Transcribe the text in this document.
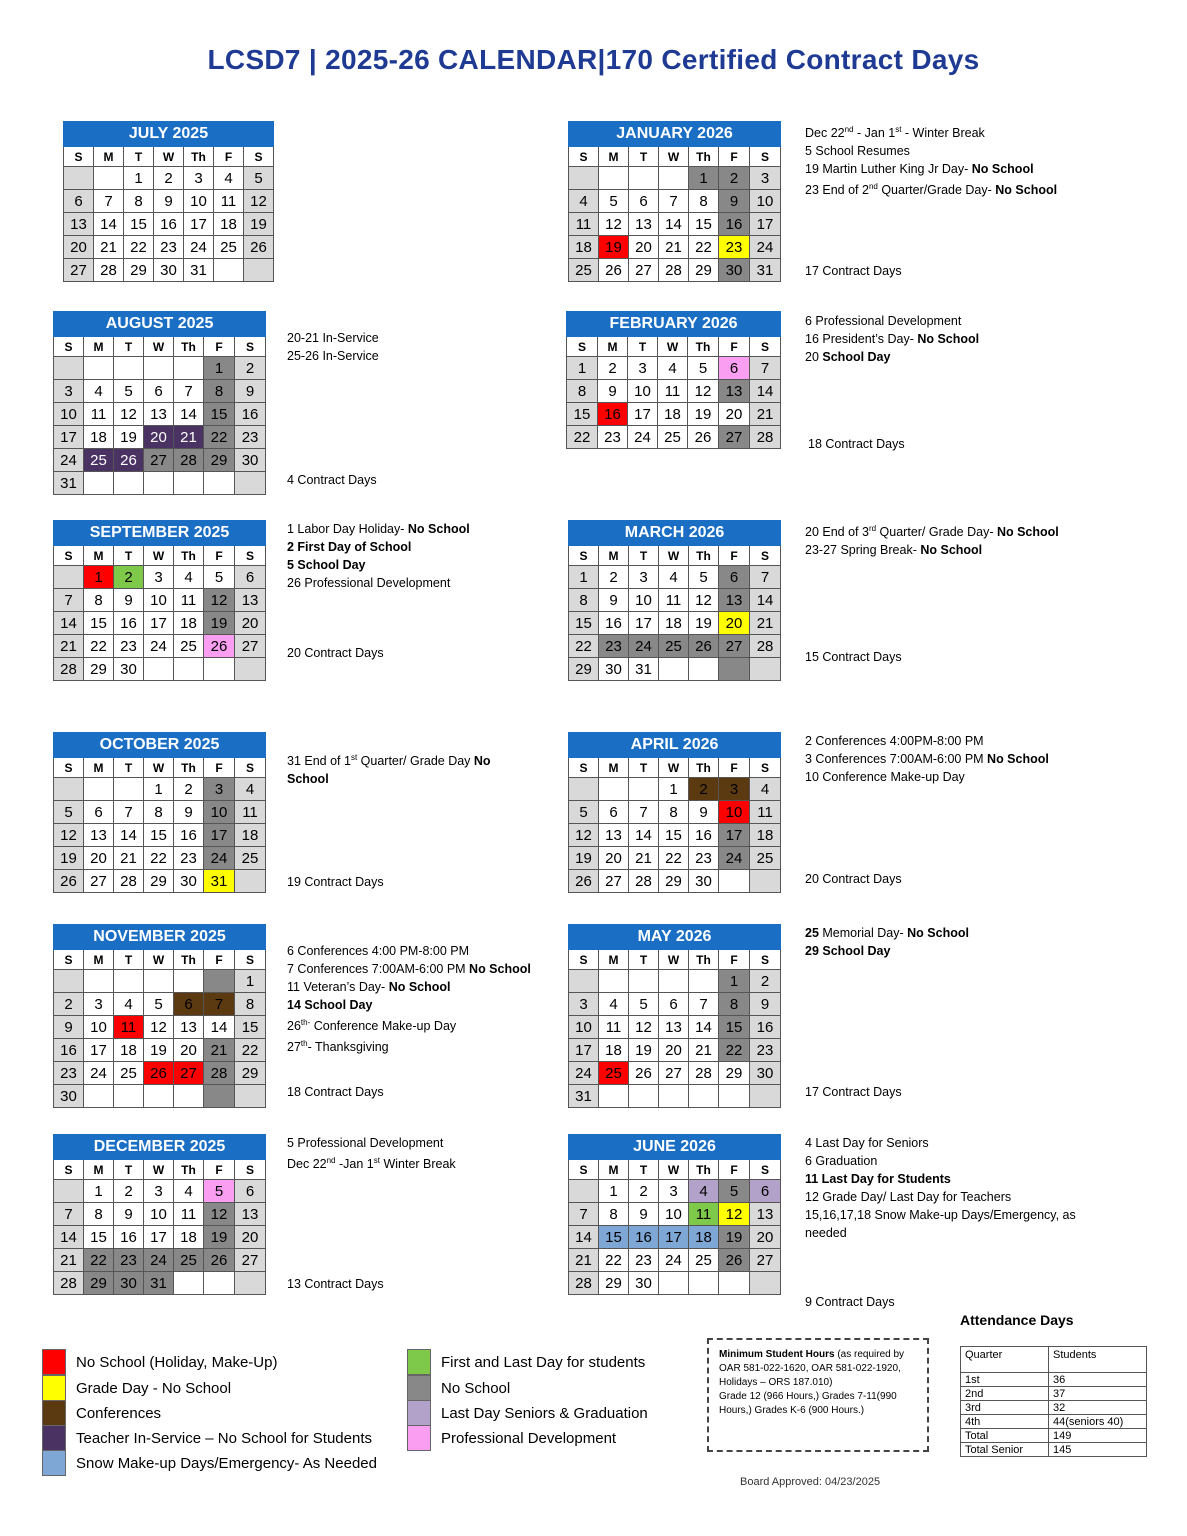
LCSD7 | 2025-26 CALENDAR|170 Certified Contract Days
JULY 2025						
S	M	T	W	Th	F	S
		1	2	3	4	5
6	7	8	9	10	11	12
13	14	15	16	17	18	19
20	21	22	23	24	25	26
27	28	29	30	31		
AUGUST 2025						
S	M	T	W	Th	F	S
					1	2
3	4	5	6	7	8	9
10	11	12	13	14	15	16
17	18	19	20	21	22	23
24	25	26	27	28	29	30
31						
20-21 In-Service
25-26 In-Service
4 Contract Days
SEPTEMBER 2025						
S	M	T	W	Th	F	S
	1	2	3	4	5	6
7	8	9	10	11	12	13
14	15	16	17	18	19	20
21	22	23	24	25	26	27
28	29	30				
1 Labor Day Holiday- No School
2 First Day of School
5 School Day
26 Professional Development
20 Contract Days
OCTOBER 2025						
S	M	T	W	Th	F	S
			1	2	3	4
5	6	7	8	9	10	11
12	13	14	15	16	17	18
19	20	21	22	23	24	25
26	27	28	29	30	31	
31 End of 1st Quarter/ Grade Day No
School
19 Contract Days
NOVEMBER 2025						
S	M	T	W	Th	F	S
						1
2	3	4	5	6	7	8
9	10	11	12	13	14	15
16	17	18	19	20	21	22
23	24	25	26	27	28	29
30						
6 Conferences 4:00 PM-8:00 PM
7 Conferences 7:00AM-6:00 PM No School
11 Veteran’s Day- No School
14 School Day
$26^{th-}$ Conference Make-up Day
27th- Thanksgiving
18 Contract Days
DECEMBER 2025						
S	M	T	W	Th	F	S
	1	2	3	4	5	6
7	8	9	10	11	12	13
14	15	16	17	18	19	20
21	22	23	24	25	26	27
28	29	30	31			
5 Professional Development
Dec 22nd -Jan 1st Winter Break
13 Contract Days
JANUARY 2026						
S	M	T	W	Th	F	S
				1	2	3
4	5	6	7	8	9	10
11	12	13	14	15	16	17
18	19	20	21	22	23	24
25	26	27	28	29	30	31
Dec 22nd - Jan 1st - Winter Break
5 School Resumes
19 Martin Luther King Jr Day- No School
23 End of 2nd Quarter/Grade Day- No School
17 Contract Days
FEBRUARY 2026						
S	M	T	W	Th	F	S
1	2	3	4	5	6	7
8	9	10	11	12	13	14
15	16	17	18	19	20	21
22	23	24	25	26	27	28
6 Professional Development
16 President’s Day- No School
20 School Day
18 Contract Days
MARCH 2026						
S	M	T	W	Th	F	S
1	2	3	4	5	6	7
8	9	10	11	12	13	14
15	16	17	18	19	20	21
22	23	24	25	26	27	28
29	30	31				
20 End of 3rd Quarter/ Grade Day- No School
23-27 Spring Break- No School
15 Contract Days
APRIL 2026						
S	M	T	W	Th	F	S
			1	2	3	4
5	6	7	8	9	10	11
12	13	14	15	16	17	18
19	20	21	22	23	24	25
26	27	28	29	30		
2 Conferences 4:00PM-8:00 PM
3 Conferences 7:00AM-6:00 PM No School
10 Conference Make-up Day
20 Contract Days
MAY 2026						
S	M	T	W	Th	F	S
					1	2
3	4	5	6	7	8	9
10	11	12	13	14	15	16
17	18	19	20	21	22	23
24	25	26	27	28	29	30
31						
25 Memorial Day- No School
29 School Day
17 Contract Days
JUNE 2026						
S	M	T	W	Th	F	S
	1	2	3	4	5	6
7	8	9	10	11	12	13
14	15	16	17	18	19	20
21	22	23	24	25	26	27
28	29	30				
4 Last Day for Seniors
6 Graduation
11 Last Day for Students
12 Grade Day/ Last Day for Teachers
15,16,17,18 Snow Make-up Days/Emergency, as
needed
9 Contract Days
No School (Holiday, Make-Up)
Grade Day - No School
Conferences
Teacher In-Service – No School for Students
Snow Make-up Days/Emergency- As Needed
First and Last Day for students
No School
Last Day Seniors & Graduation
Professional Development
Minimum Student Hours (as required by OAR 581-022-1620, OAR 581-022-1920, Holidays – ORS 187.010)
Grade 12 (966 Hours,) Grades 7-11(990 Hours,) Grades K-6 (900 Hours.)
Attendance Days
Quarter	Students
1st	36
2nd	37
3rd	32
4th	44(seniors 40)
Total	149
Total Senior	145
Board Approved: 04/23/2025
